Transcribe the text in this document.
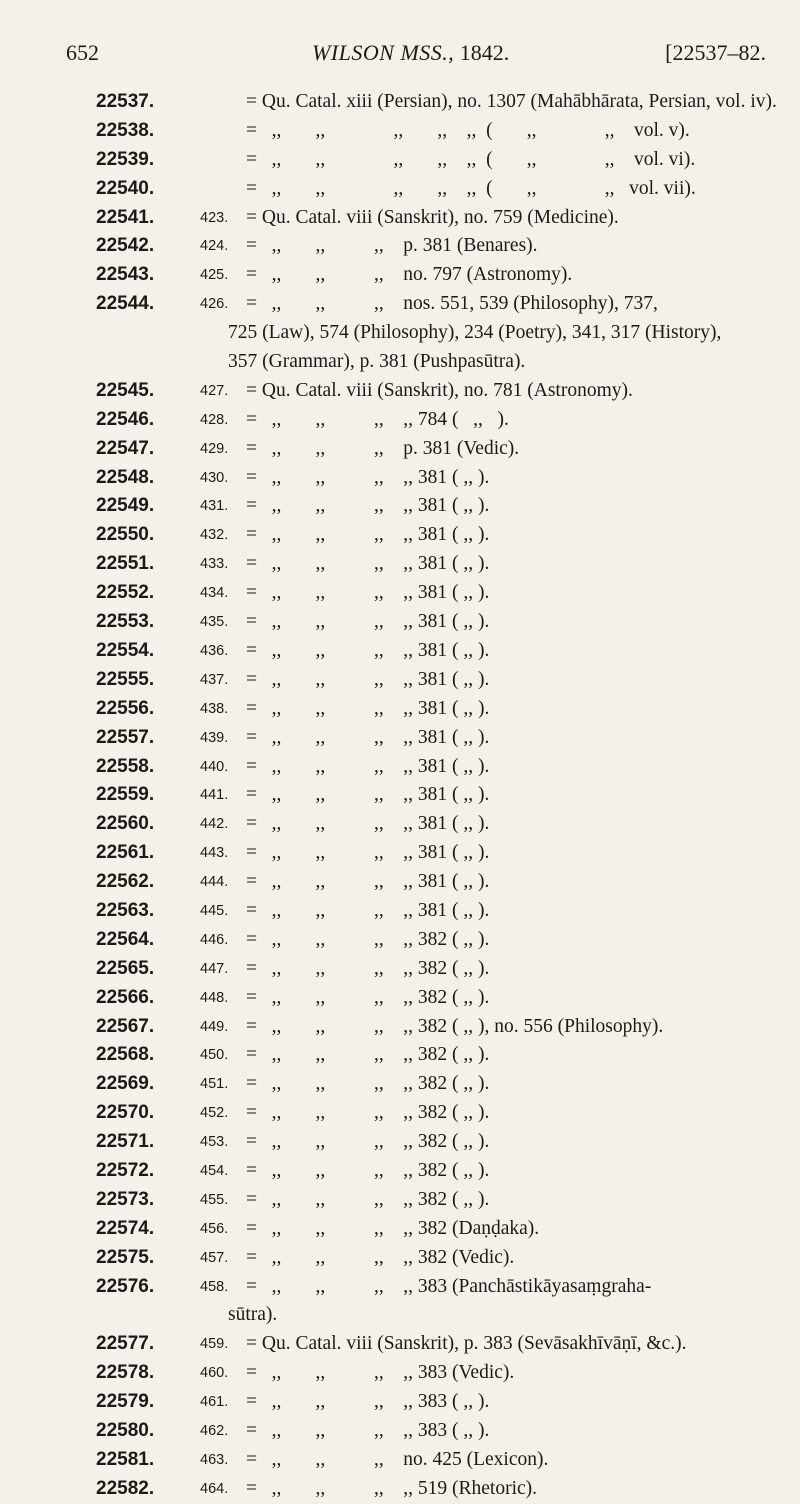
652	WILSON MSS., 1842.	[22537–82.
22537.	= Qu. Catal. xiii (Persian), no. 1307 (Mahābhārata, Persian, vol. iv).
22538.	=   ,,       ,,              ,,       ,,    ,,  (       ,,              ,,    vol. v).
22539.	=   ,,       ,,              ,,       ,,    ,,  (       ,,              ,,    vol. vi).
22540.	=   ,,       ,,              ,,       ,,    ,,  (       ,,              ,,   vol. vii).
22541.	423. = Qu. Catal. viii (Sanskrit), no. 759 (Medicine).
22542.	424. =   ,,       ,,          ,,    p. 381 (Benares).
22543.	425. =   ,,       ,,          ,,    no. 797 (Astronomy).
22544.	426. =   ,,       ,,          ,,    nos. 551, 539 (Philosophy), 737,
725 (Law), 574 (Philosophy), 234 (Poetry), 341, 317 (History),
357 (Grammar), p. 381 (Pushpasūtra).
22545.	427. = Qu. Catal. viii (Sanskrit), no. 781 (Astronomy).
22546.	428. =   ,,       ,,          ,,    ,, 784 (   ,,   ).
22547.	429. =   ,,       ,,          ,,    p. 381 (Vedic).
22548.	430. =   ,,       ,,          ,,    ,, 381 ( ,, ).
22549.	431. =   ,,       ,,          ,,    ,, 381 ( ,, ).
22550.	432. =   ,,       ,,          ,,    ,, 381 ( ,, ).
22551.	433. =   ,,       ,,          ,,    ,, 381 ( ,, ).
22552.	434. =   ,,       ,,          ,,    ,, 381 ( ,, ).
22553.	435. =   ,,       ,,          ,,    ,, 381 ( ,, ).
22554.	436. =   ,,       ,,          ,,    ,, 381 ( ,, ).
22555.	437. =   ,,       ,,          ,,    ,, 381 ( ,, ).
22556.	438. =   ,,       ,,          ,,    ,, 381 ( ,, ).
22557.	439. =   ,,       ,,          ,,    ,, 381 ( ,, ).
22558.	440. =   ,,       ,,          ,,    ,, 381 ( ,, ).
22559.	441. =   ,,       ,,          ,,    ,, 381 ( ,, ).
22560.	442. =   ,,       ,,          ,,    ,, 381 ( ,, ).
22561.	443. =   ,,       ,,          ,,    ,, 381 ( ,, ).
22562.	444. =   ,,       ,,          ,,    ,, 381 ( ,, ).
22563.	445. =   ,,       ,,          ,,    ,, 381 ( ,, ).
22564.	446. =   ,,       ,,          ,,    ,, 382 ( ,, ).
22565.	447. =   ,,       ,,          ,,    ,, 382 ( ,, ).
22566.	448. =   ,,       ,,          ,,    ,, 382 ( ,, ).
22567.	449. =   ,,       ,,          ,,    ,, 382 ( ,, ), no. 556 (Philosophy).
22568.	450. =   ,,       ,,          ,,    ,, 382 ( ,, ).
22569.	451. =   ,,       ,,          ,,    ,, 382 ( ,, ).
22570.	452. =   ,,       ,,          ,,    ,, 382 ( ,, ).
22571.	453. =   ,,       ,,          ,,    ,, 382 ( ,, ).
22572.	454. =   ,,       ,,          ,,    ,, 382 ( ,, ).
22573.	455. =   ,,       ,,          ,,    ,, 382 ( ,, ).
22574.	456. =   ,,       ,,          ,,    ,, 382 (Daṇḍaka).
22575.	457. =   ,,       ,,          ,,    ,, 382 (Vedic).
22576.	458. =   ,,       ,,          ,,    ,, 383 (Panchāstikāyasaṃgraha-
sūtra).
22577.	459. = Qu. Catal. viii (Sanskrit), p. 383 (Sevāsakhīvāṇī, &c.).
22578.	460. =   ,,       ,,          ,,    ,, 383 (Vedic).
22579.	461. =   ,,       ,,          ,,    ,, 383 ( ,, ).
22580.	462. =   ,,       ,,          ,,    ,, 383 ( ,, ).
22581.	463. =   ,,       ,,          ,,    no. 425 (Lexicon).
22582.	464. =   ,,       ,,          ,,    ,, 519 (Rhetoric).
